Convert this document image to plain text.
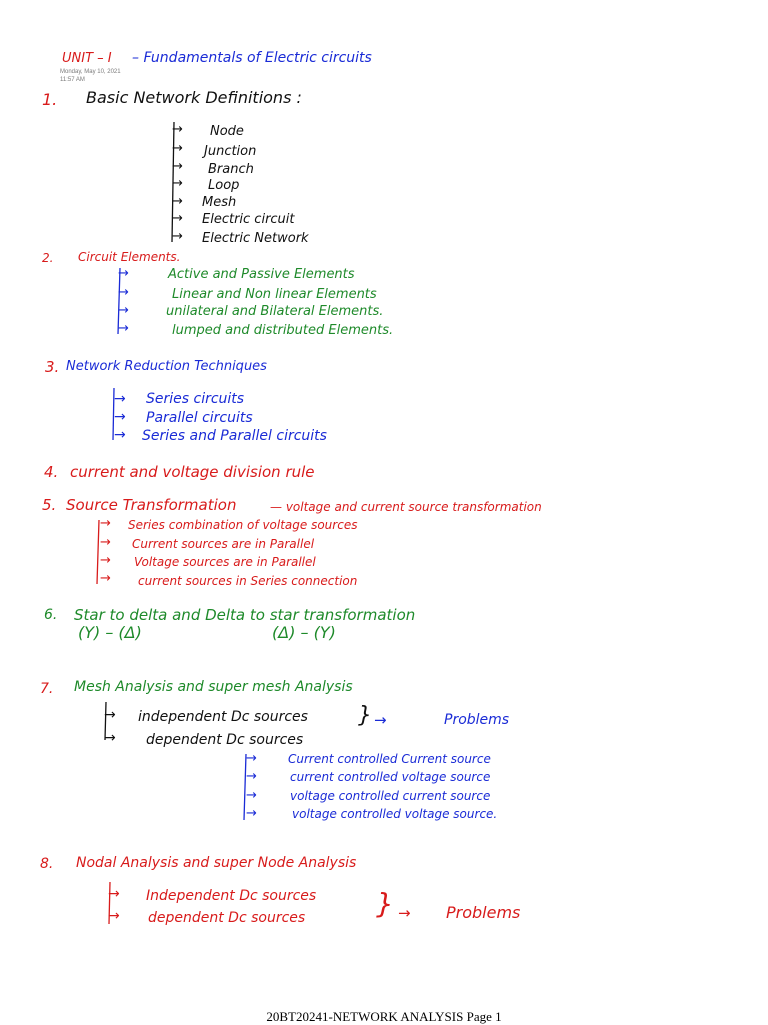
UNIT – I – Fundamentals of Electric circuits
Monday, May 10, 2021
11:57 AM
1. Basic Network Definitions :
→
→
→
→
→
→
→
Node
Junction
Branch
Loop
Mesh
Electric circuit
Electric Network
2. Circuit Elements.
→
→
→
→
Active and Passive Elements
Linear and Non linear Elements
unilateral and Bilateral Elements.
lumped and distributed Elements.
3. Network Reduction Techniques
→
→
→
Series circuits
Parallel circuits
Series and Parallel circuits
4. current and voltage division rule
5. Source Transformation	— voltage and current source transformation
→
→
→
→
Series combination of voltage sources
Current sources are in Parallel
Voltage sources are in Parallel
current sources in Series connection
6. Star to delta and Delta to star transformation
(Y) – (Δ)	(Δ) – (Y)
7. Mesh Analysis and super mesh Analysis
→
→
independent Dc sources
dependent Dc sources
} →	Problems
→
→
→
→
Current controlled Current source
current controlled voltage source
voltage controlled current source
voltage controlled voltage source.
8. Nodal Analysis and super Node Analysis
→
→
Independent Dc sources
dependent Dc sources	} → Problems
20BT20241-NETWORK ANALYSIS Page 1
